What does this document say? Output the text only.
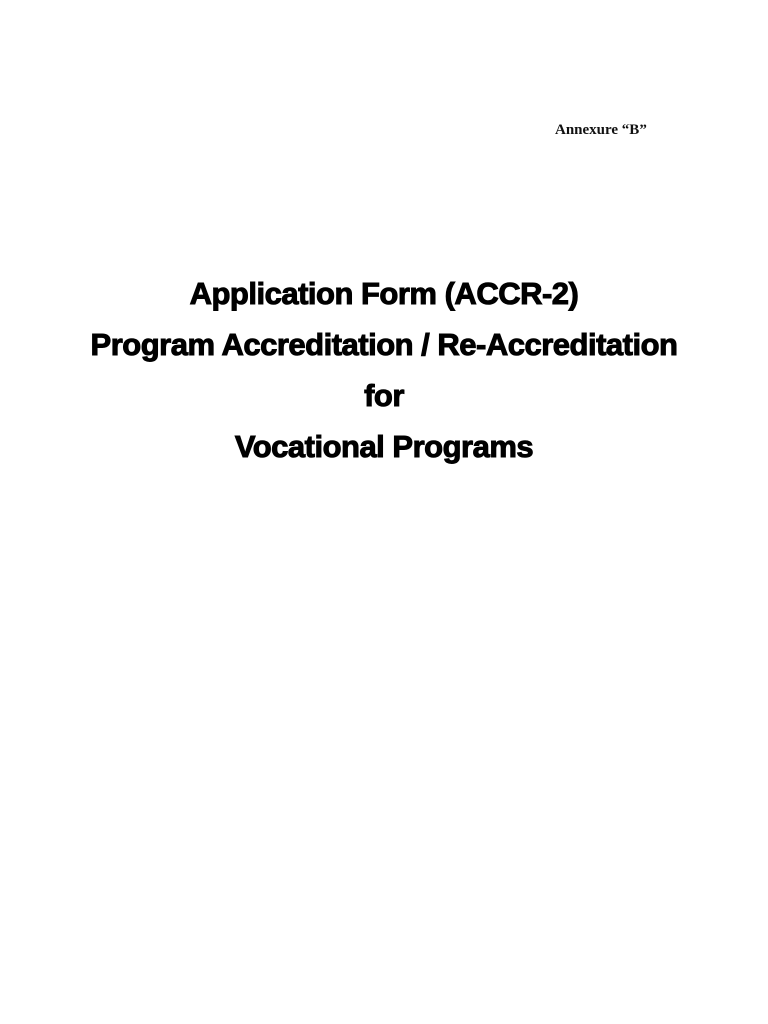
Annexure “B”
Application Form (ACCR-2)
Program Accreditation / Re-Accreditation
for
Vocational Programs
